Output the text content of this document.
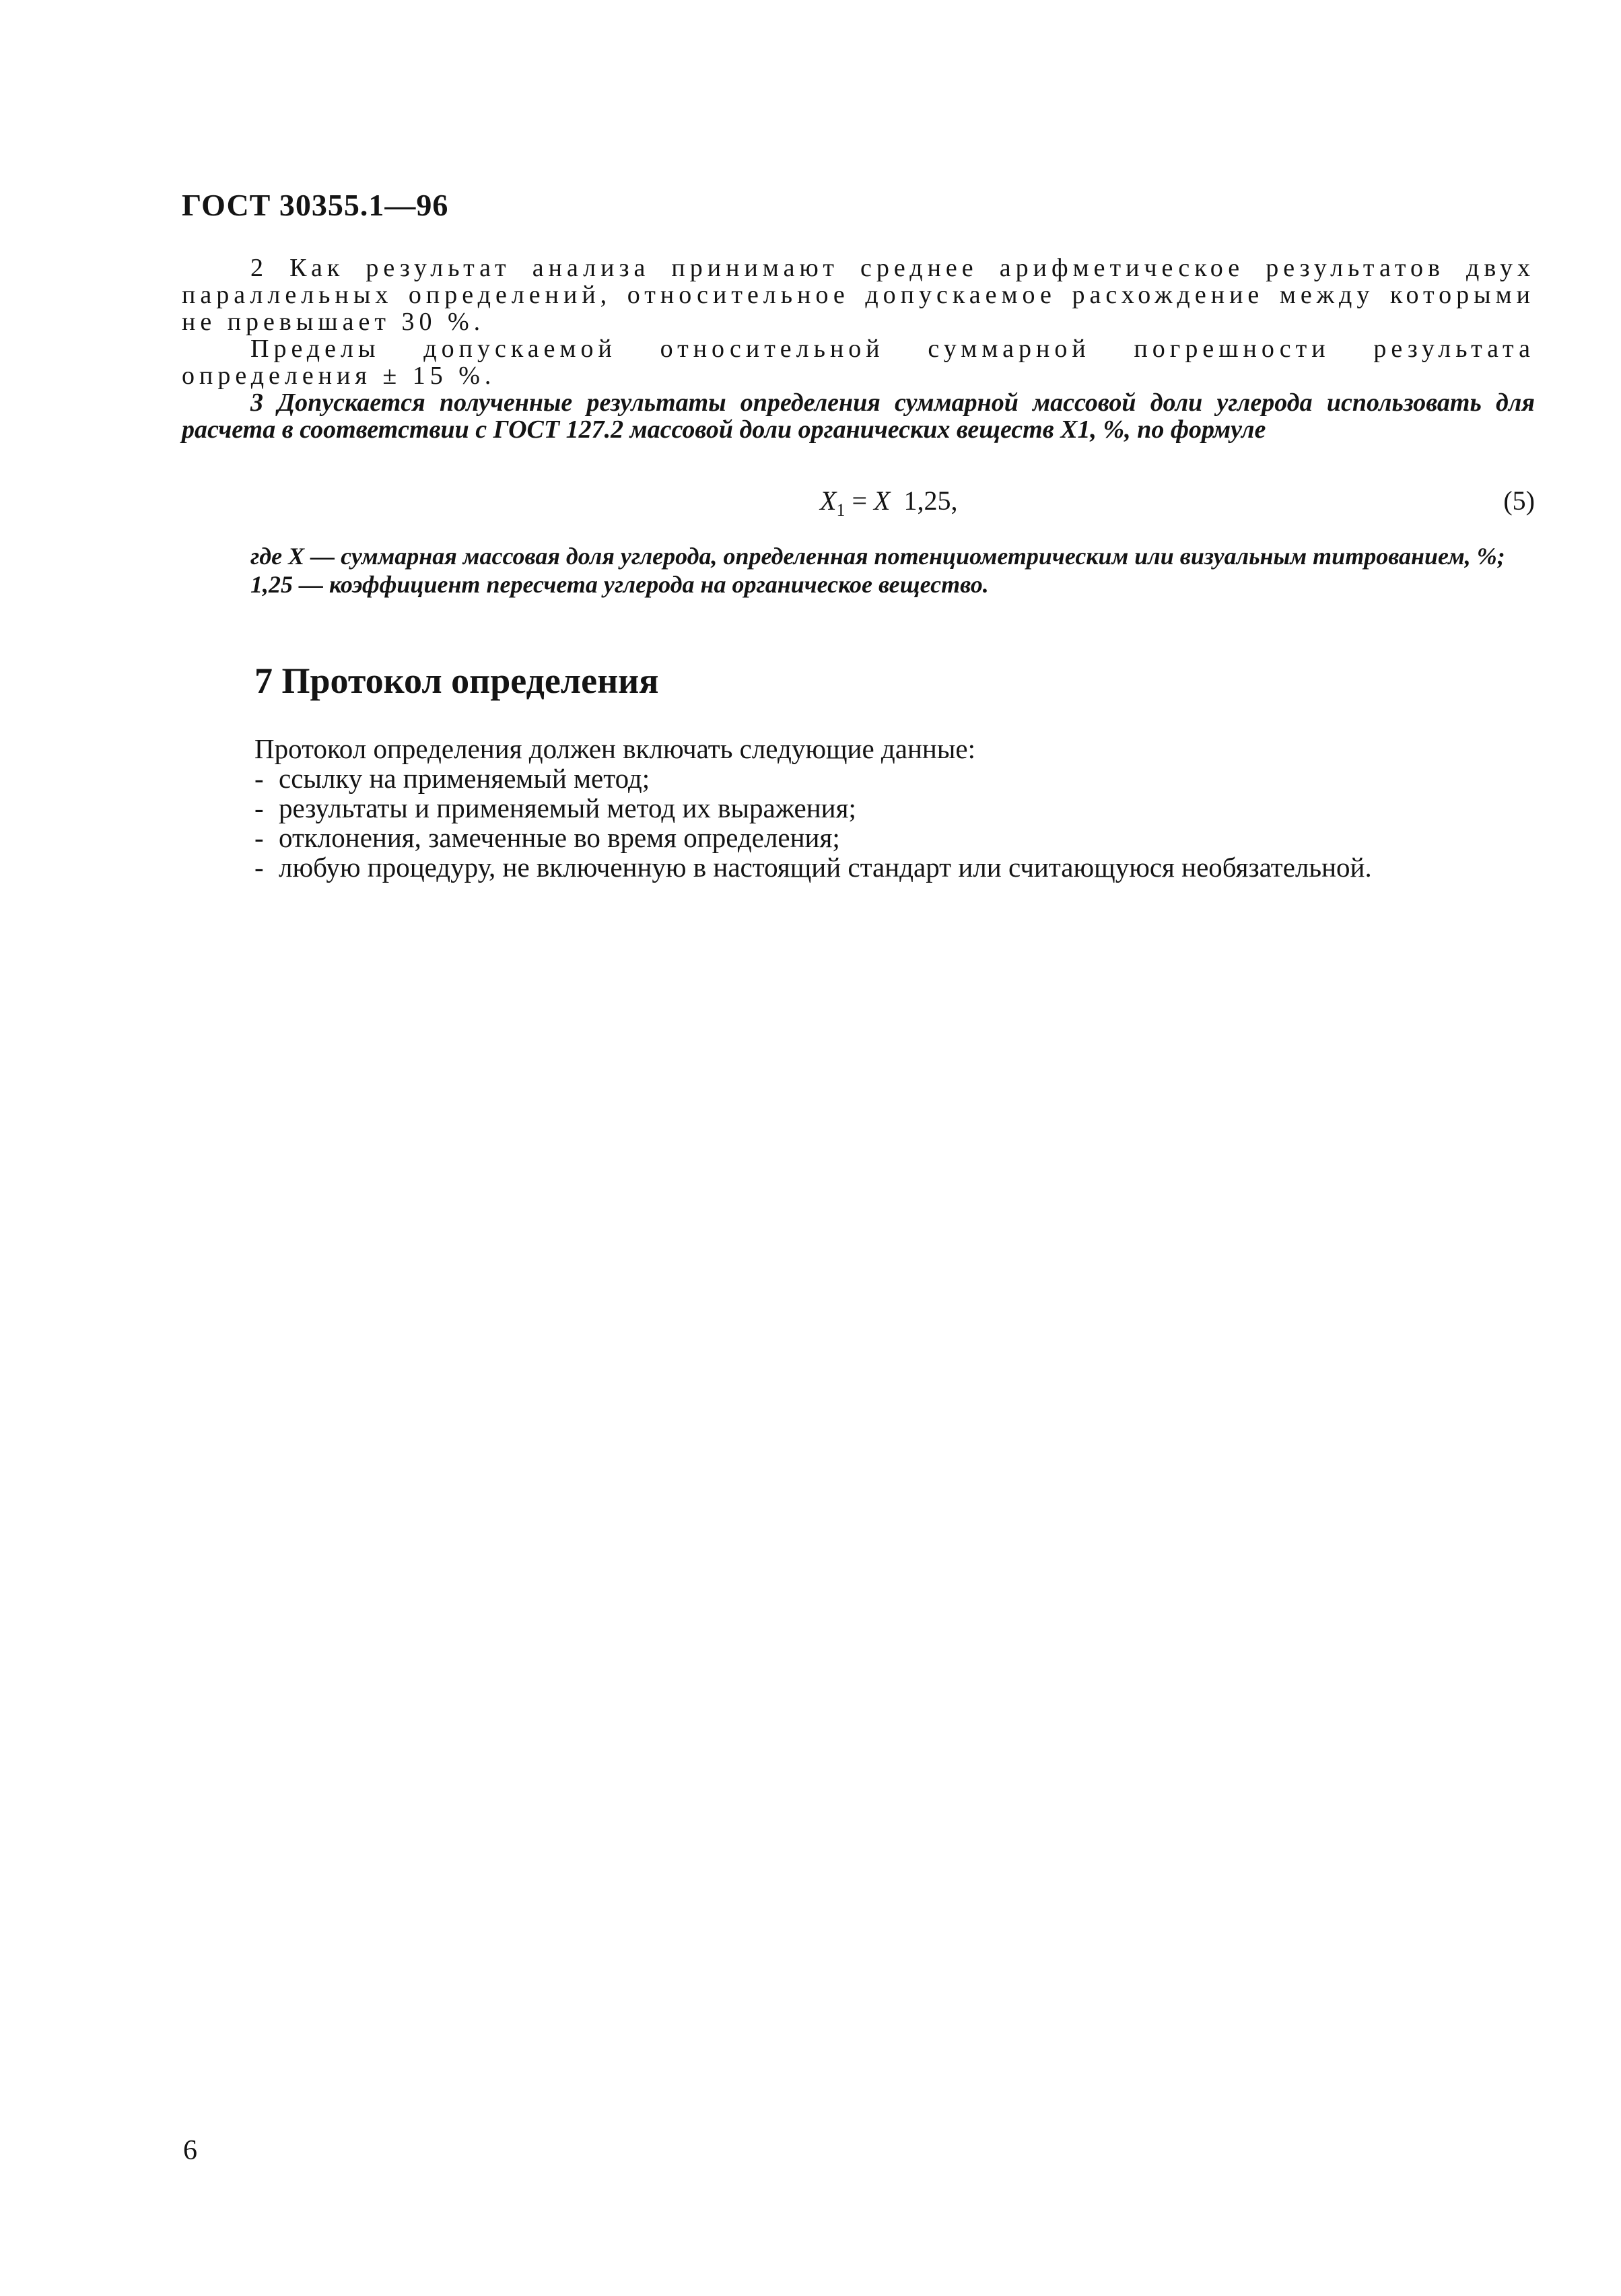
ГОСТ 30355.1—96

2 Как результат анализа принимают среднее арифметическое результатов двух параллельных определений, относительное допускаемое расхождение между которыми не превышает 30 %.

Пределы допускаемой относительной суммарной погрешности результата определения ± 15 %.

3 Допускается полученные результаты определения суммарной массовой доли углерода использовать для расчета в соответствии с ГОСТ 127.2 массовой доли органических веществ X1, %, по формуле

$X_1 = X$ 1,25,	(5)

где X — суммарная массовая доля углерода, определенная потенциометрическим или визуальным титрованием, %;

1,25 — коэффициент пересчета углерода на органическое вещество.

7 Протокол определения

Протокол определения должен включать следующие данные:

- ссылку на применяемый метод;
- результаты и применяемый метод их выражения;
- отклонения, замеченные во время определения;
- любую процедуру, не включенную в настоящий стандарт или считающуюся необязательной.
6
